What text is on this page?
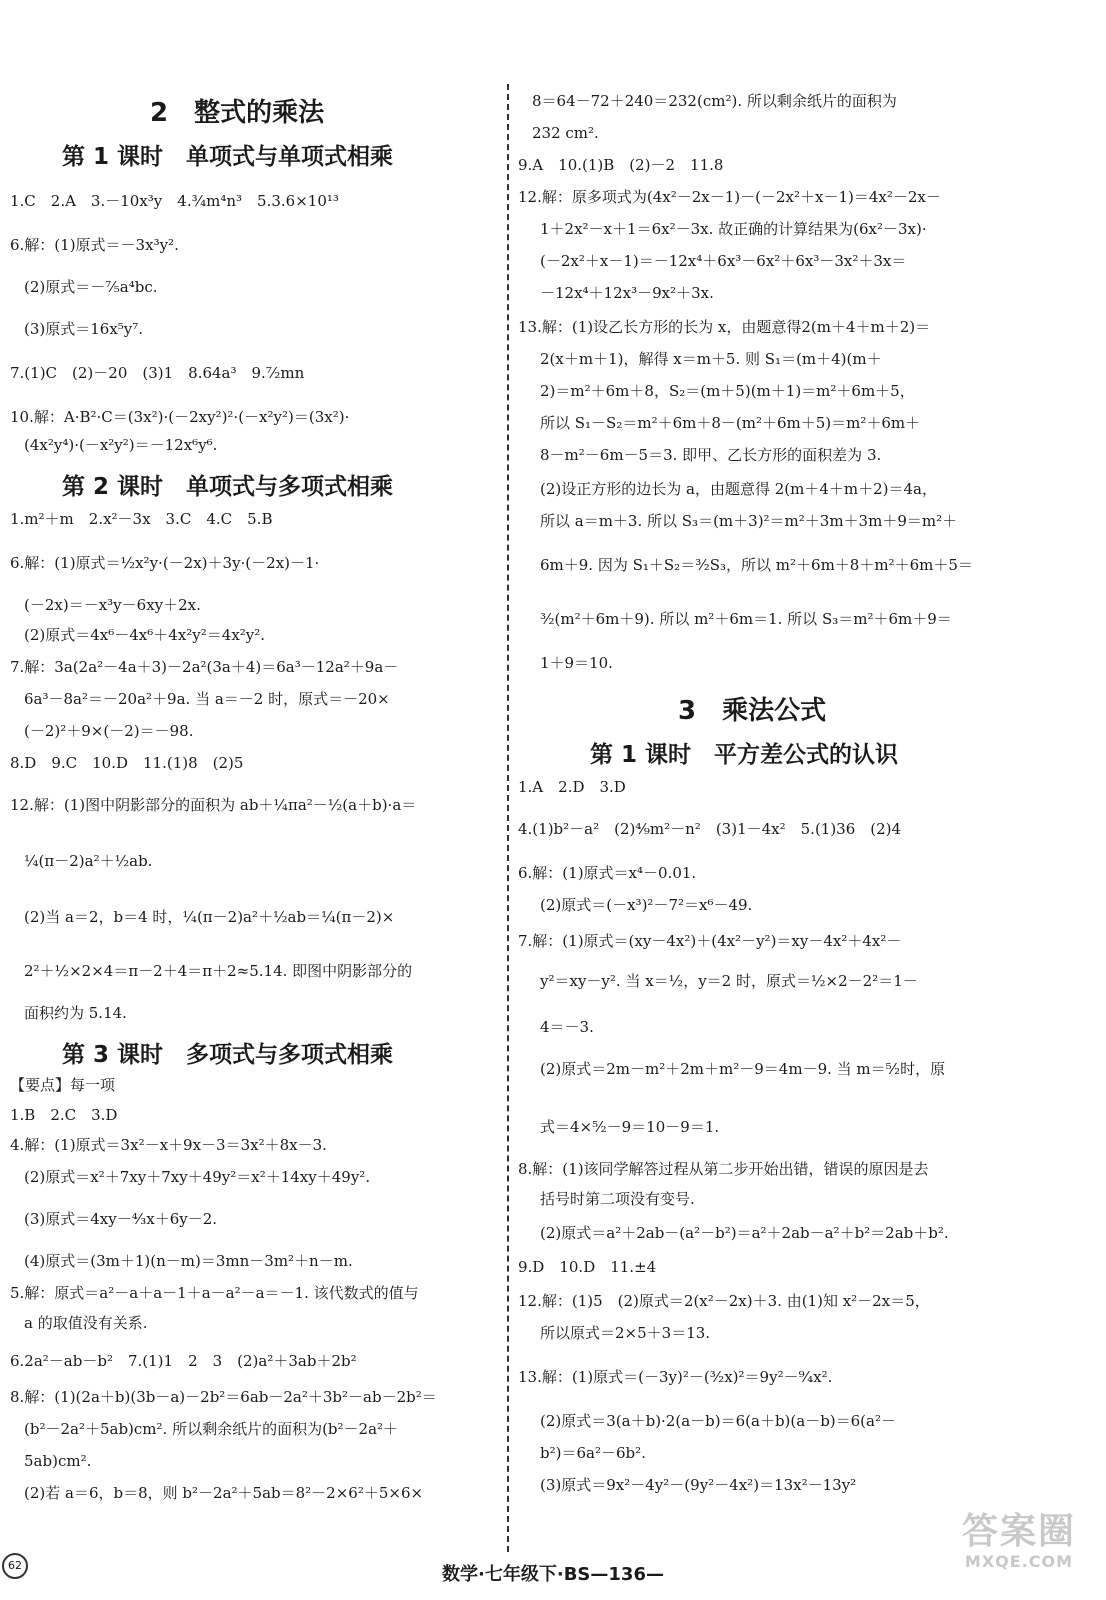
2　整式的乘法
第 1 课时　单项式与单项式相乘
1.C　2.A　3.－10x³y　4.¾m⁴n³　5.3.6×10¹³
6.解：(1)原式＝－3x³y².
(2)原式＝－⁷⁄₅a⁴bc.
(3)原式＝16x⁵y⁷.
7.(1)C　(2)－20　(3)1　8.64a³　9.⁷⁄₂mn
10.解：A·B²·C＝(3x²)·(－2xy²)²·(－x²y²)＝(3x²)·
(4x²y⁴)·(－x²y²)＝－12x⁶y⁶.
第 2 课时　单项式与多项式相乘
1.m²＋m　2.x²－3x　3.C　4.C　5.B
6.解：(1)原式＝½x²y·(－2x)＋3y·(－2x)－1·
(－2x)＝－x³y－6xy＋2x.
(2)原式＝4x⁶－4x⁶＋4x²y²＝4x²y².
7.解：3a(2a²－4a＋3)－2a²(3a＋4)＝6a³－12a²＋9a－
6a³－8a²＝－20a²＋9a. 当 a＝－2 时，原式＝－20×
(－2)²＋9×(－2)＝－98.
8.D　9.C　10.D　11.(1)8　(2)5
12.解：(1)图中阴影部分的面积为 ab＋¼πa²－½(a＋b)·a＝
¼(π－2)a²＋½ab.
(2)当 a＝2，b＝4 时，¼(π－2)a²＋½ab＝¼(π－2)×
2²＋½×2×4＝π－2＋4＝π＋2≈5.14. 即图中阴影部分的
面积约为 5.14.
第 3 课时　多项式与多项式相乘
【要点】每一项
1.B　2.C　3.D
4.解：(1)原式＝3x²－x＋9x－3＝3x²＋8x－3.
(2)原式＝x²＋7xy＋7xy＋49y²＝x²＋14xy＋49y².
(3)原式＝4xy－⁴⁄₃x＋6y－2.
(4)原式＝(3m＋1)(n－m)＝3mn－3m²＋n－m.
5.解：原式＝a²－a＋a－1＋a－a²－a＝－1. 该代数式的值与
a 的取值没有关系.
6.2a²－ab－b²　7.(1)1　2　3　(2)a²＋3ab＋2b²
8.解：(1)(2a＋b)(3b－a)－2b²＝6ab－2a²＋3b²－ab－2b²＝
(b²－2a²＋5ab)cm². 所以剩余纸片的面积为(b²－2a²＋
5ab)cm².
(2)若 a＝6，b＝8，则 b²－2a²＋5ab＝8²－2×6²＋5×6×
8＝64－72＋240＝232(cm²). 所以剩余纸片的面积为
232 cm².
9.A　10.(1)B　(2)－2　11.8
12.解：原多项式为(4x²－2x－1)－(－2x²＋x－1)＝4x²－2x－
1＋2x²－x＋1＝6x²－3x. 故正确的计算结果为(6x²－3x)·
(－2x²＋x－1)＝－12x⁴＋6x³－6x²＋6x³－3x²＋3x＝
－12x⁴＋12x³－9x²＋3x.
13.解：(1)设乙长方形的长为 x，由题意得2(m＋4＋m＋2)＝
2(x＋m＋1)，解得 x＝m＋5. 则 S₁＝(m＋4)(m＋
2)＝m²＋6m＋8，S₂＝(m＋5)(m＋1)＝m²＋6m＋5，
所以 S₁－S₂＝m²＋6m＋8－(m²＋6m＋5)＝m²＋6m＋
8－m²－6m－5＝3. 即甲、乙长方形的面积差为 3.
(2)设正方形的边长为 a，由题意得 2(m＋4＋m＋2)＝4a，
所以 a＝m＋3. 所以 S₃＝(m＋3)²＝m²＋3m＋3m＋9＝m²＋
6m＋9. 因为 S₁＋S₂＝³⁄₂S₃，所以 m²＋6m＋8＋m²＋6m＋5＝
³⁄₂(m²＋6m＋9). 所以 m²＋6m＝1. 所以 S₃＝m²＋6m＋9＝
1＋9＝10.
3　乘法公式
第 1 课时　平方差公式的认识
1.A　2.D　3.D
4.(1)b²－a²　(2)⁴⁄₉m²－n²　(3)1－4x²　5.(1)36　(2)4
6.解：(1)原式＝x⁴－0.01.
(2)原式＝(－x³)²－7²＝x⁶－49.
7.解：(1)原式＝(xy－4x²)＋(4x²－y²)＝xy－4x²＋4x²－
y²＝xy－y². 当 x＝½，y＝2 时，原式＝½×2－2²＝1－
4＝－3.
(2)原式＝2m－m²＋2m＋m²－9＝4m－9. 当 m＝⁵⁄₂时，原
式＝4×⁵⁄₂－9＝10－9＝1.
8.解：(1)该同学解答过程从第二步开始出错，错误的原因是去
括号时第二项没有变号.
(2)原式＝a²＋2ab－(a²－b²)＝a²＋2ab－a²＋b²＝2ab＋b².
9.D　10.D　11.±4
12.解：(1)5　(2)原式＝2(x²－2x)＋3. 由(1)知 x²－2x＝5，
所以原式＝2×5＋3＝13.
13.解：(1)原式＝(－3y)²－(³⁄₂x)²＝9y²－⁹⁄₄x².
(2)原式＝3(a＋b)·2(a－b)＝6(a＋b)(a－b)＝6(a²－
b²)＝6a²－6b².
(3)原式＝9x²－4y²－(9y²－4x²)＝13x²－13y²
62	数学·七年级下·BS—136—
答案圈
MXQE.COM
